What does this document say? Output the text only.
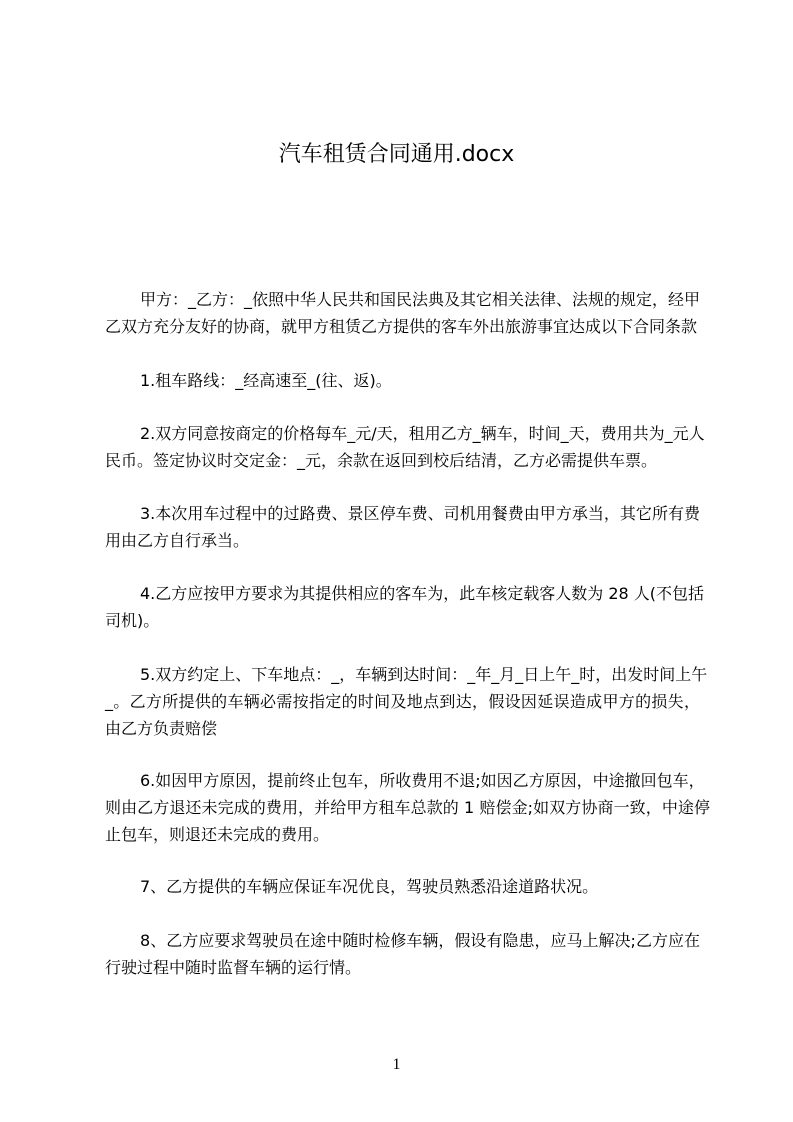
汽车租赁合同通用.docx
甲方：_乙方：_依照中华人民共和国民法典及其它相关法律、法规的规定，经甲
乙双方充分友好的协商，就甲方租赁乙方提供的客车外出旅游事宜达成以下合同条款
1.租车路线：_经高速至_(往、返)。
2.双方同意按商定的价格每车_元/天，租用乙方_辆车，时间_天，费用共为_元人
民币。签定协议时交定金：_元，余款在返回到校后结清，乙方必需提供车票。
3.本次用车过程中的过路费、景区停车费、司机用餐费由甲方承当，其它所有费
用由乙方自行承当。
4.乙方应按甲方要求为其提供相应的客车为，此车核定载客人数为 28 人(不包括
司机)。
5.双方约定上、下车地点：_，车辆到达时间：_年_月_日上午_时，出发时间上午
_。乙方所提供的车辆必需按指定的时间及地点到达，假设因延误造成甲方的损失，
由乙方负责赔偿
6.如因甲方原因，提前终止包车，所收费用不退;如因乙方原因，中途撤回包车，
则由乙方退还未完成的费用，并给甲方租车总款的 1 赔偿金;如双方协商一致，中途停
止包车，则退还未完成的费用。
7、乙方提供的车辆应保证车况优良，驾驶员熟悉沿途道路状况。
8、乙方应要求驾驶员在途中随时检修车辆，假设有隐患，应马上解决;乙方应在
行驶过程中随时监督车辆的运行情。
1
